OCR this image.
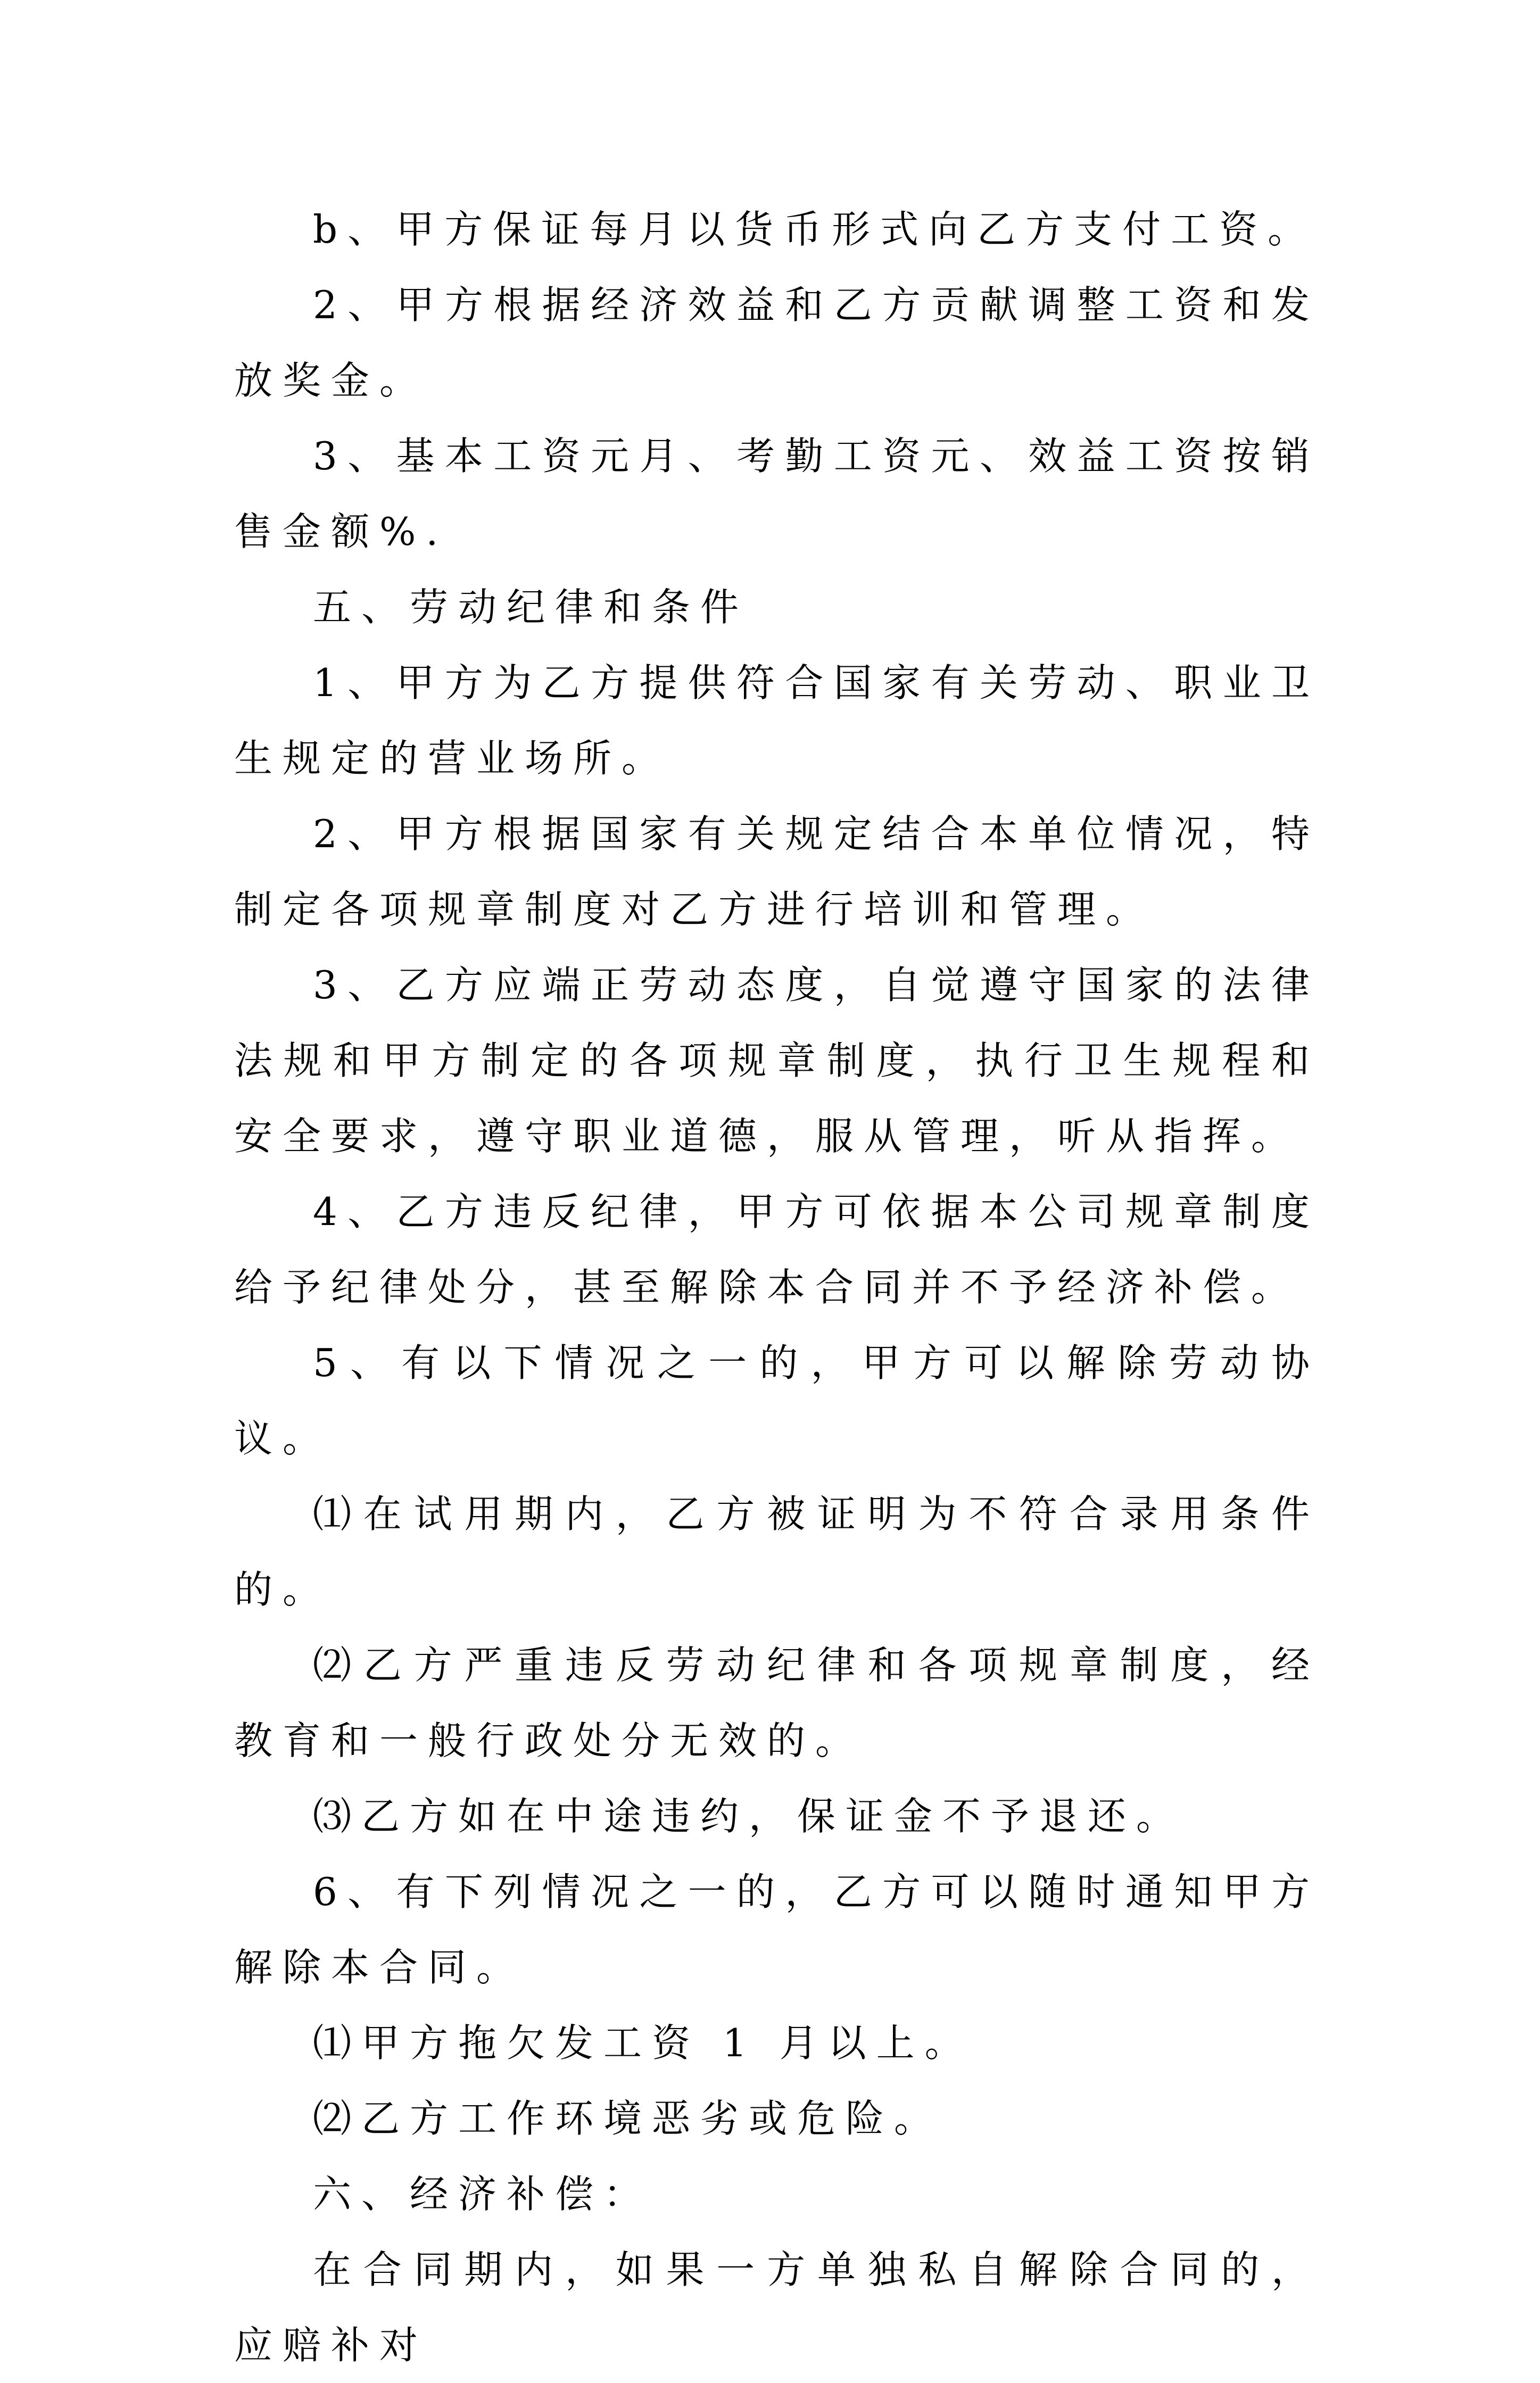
b、甲方保证每月以货币形式向乙方支付工资。

2、甲方根据经济效益和乙方贡献调整工资和发放奖金。

3、基本工资元月、考勤工资元、效益工资按销售金额%.

五、劳动纪律和条件

1、甲方为乙方提供符合国家有关劳动、职业卫生规定的营业场所。

2、甲方根据国家有关规定结合本单位情况，特制定各项规章制度对乙方进行培训和管理。

3、乙方应端正劳动态度，自觉遵守国家的法律法规和甲方制定的各项规章制度，执行卫生规程和安全要求，遵守职业道德，服从管理，听从指挥。

4、乙方违反纪律，甲方可依据本公司规章制度给予纪律处分，甚至解除本合同并不予经济补偿。

5、有以下情况之一的，甲方可以解除劳动协议。

⑴在试用期内，乙方被证明为不符合录用条件的。

⑵乙方严重违反劳动纪律和各项规章制度，经教育和一般行政处分无效的。

⑶乙方如在中途违约，保证金不予退还。

6、有下列情况之一的，乙方可以随时通知甲方解除本合同。

⑴甲方拖欠发工资 1 月以上。

⑵乙方工作环境恶劣或危险。

六、经济补偿：

在合同期内，如果一方单独私自解除合同的，应赔补对
